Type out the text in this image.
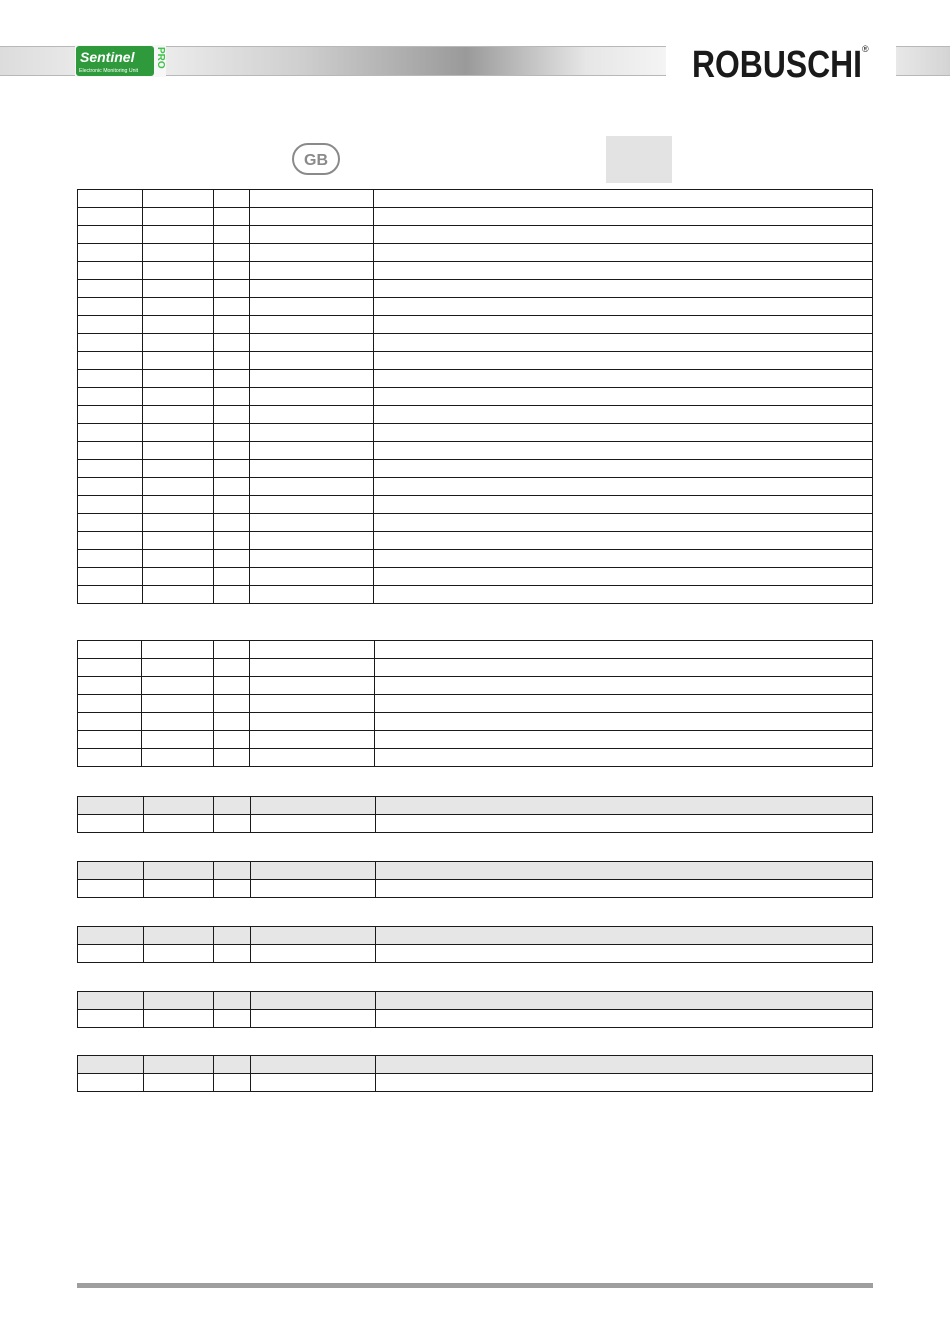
Sentinel
Electronic Monitoring Unit
PRO	ROBUSCHI ®
GB
